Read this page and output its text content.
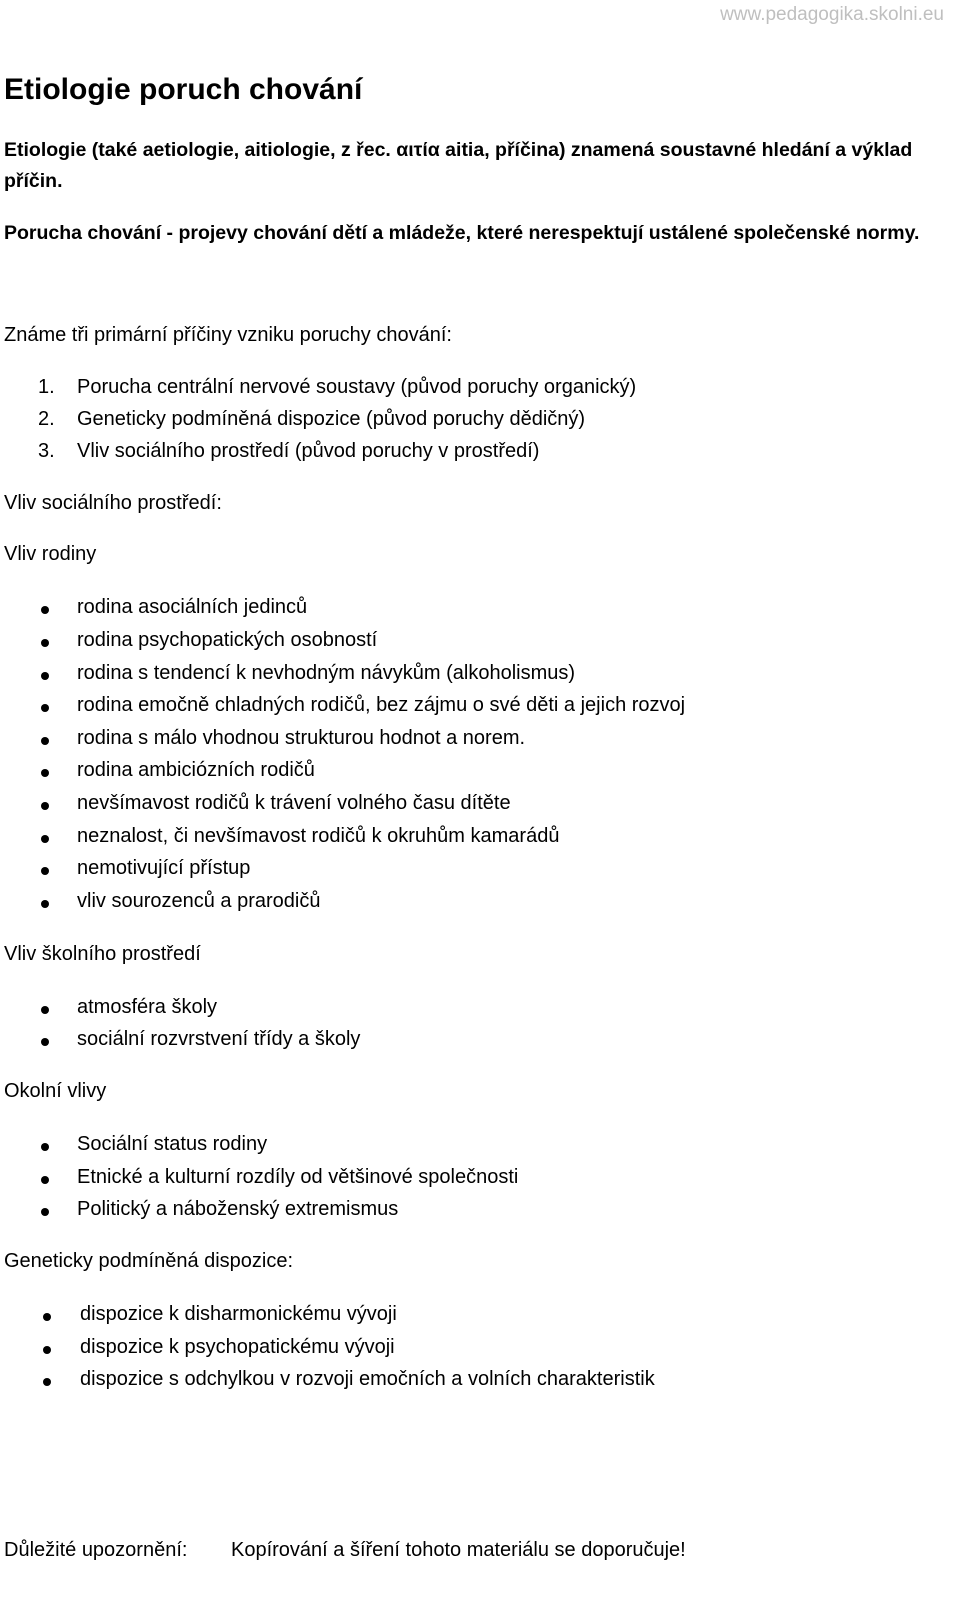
www.pedagogika.skolni.eu
Etiologie poruch chování
Etiologie (také aetiologie, aitiologie, z řec. αιτία aitia, příčina) znamená soustavné hledání a výklad
příčin.
Porucha chování - projevy chování dětí a mládeže, které nerespektují ustálené společenské normy.
Známe tři primární příčiny vzniku poruchy chování:
1. Porucha centrální nervové soustavy (původ poruchy organický)
2. Geneticky podmíněná dispozice (původ poruchy dědičný)
3. Vliv sociálního prostředí (původ poruchy v prostředí)
Vliv sociálního prostředí:
Vliv rodiny
rodina asociálních jedinců
rodina psychopatických osobností
rodina s tendencí k nevhodným návykům (alkoholismus)
rodina emočně chladných rodičů, bez zájmu o své děti a jejich rozvoj
rodina s málo vhodnou strukturou hodnot a norem.
rodina ambiciózních rodičů
nevšímavost rodičů k trávení volného času dítěte
neznalost, či nevšímavost rodičů k okruhům kamarádů
nemotivující přístup
vliv sourozenců a prarodičů
Vliv školního prostředí
atmosféra školy
sociální rozvrstvení třídy a školy
Okolní vlivy
Sociální status rodiny
Etnické a kulturní rozdíly od většinové společnosti
Politický a náboženský extremismus
Geneticky podmíněná dispozice:
dispozice k disharmonickému vývoji
dispozice k psychopatickému vývoji
dispozice s odchylkou v rozvoji emočních a volních charakteristik
Důležité upozornění: Kopírování a šíření tohoto materiálu se doporučuje!
